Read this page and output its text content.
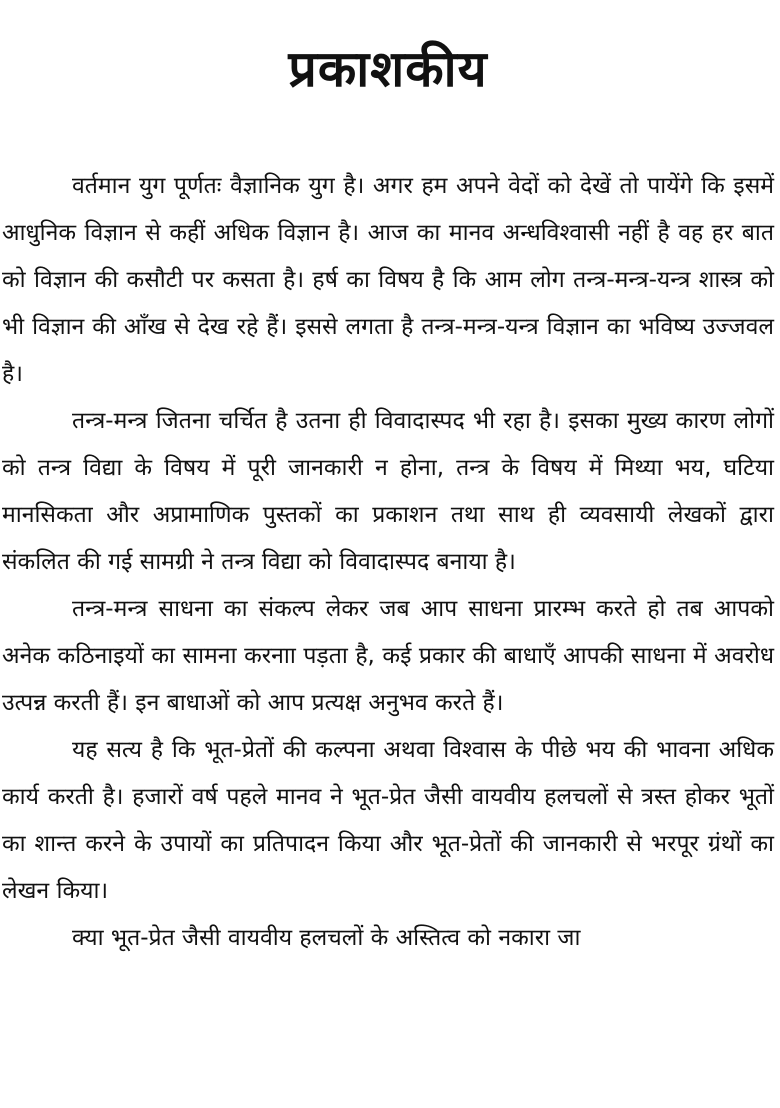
प्रकाशकीय

वर्तमान युग पूर्णतः वैज्ञानिक युग है। अगर हम अपने वेदों को देखें तो पायेंगे कि इसमें आधुनिक विज्ञान से कहीं अधिक विज्ञान है। आज का मानव अन्धविश्वासी नहीं है वह हर बात को विज्ञान की कसौटी पर कसता है। हर्ष का विषय है कि आम लोग तन्त्र-मन्त्र-यन्त्र शास्त्र को भी विज्ञान की आँख से देख रहे हैं। इससे लगता है तन्त्र-मन्त्र-यन्त्र विज्ञान का भविष्य उज्जवल है।

तन्त्र-मन्त्र जितना चर्चित है उतना ही विवादास्पद भी रहा है। इसका मुख्य कारण लोगों को तन्त्र विद्या के विषय में पूरी जानकारी न होना, तन्त्र के विषय में मिथ्या भय, घटिया मानसिकता और अप्रामाणिक पुस्तकों का प्रकाशन तथा साथ ही व्यवसायी लेखकों द्वारा संकलित की गई सामग्री ने तन्त्र विद्या को विवादास्पद बनाया है।

तन्त्र-मन्त्र साधना का संकल्प लेकर जब आप साधना प्रारम्भ करते हो तब आपको अनेक कठिनाइयों का सामना करनाा पड़ता है, कई प्रकार की बाधाएँ आपकी साधना में अवरोध उत्पन्न करती हैं। इन बाधाओं को आप प्रत्यक्ष अनुभव करते हैं।

यह सत्य है कि भूत-प्रेतों की कल्पना अथवा विश्वास के पीछे भय की भावना अधिक कार्य करती है। हजारों वर्ष पहले मानव ने भूत-प्रेत जैसी वायवीय हलचलों से त्रस्त होकर भूतों का शान्त करने के उपायों का प्रतिपादन किया और भूत-प्रेतों की जानकारी से भरपूर ग्रंथों का लेखन किया।

क्या भूत-प्रेत जैसी वायवीय हलचलों के अस्तित्व को नकारा जा
